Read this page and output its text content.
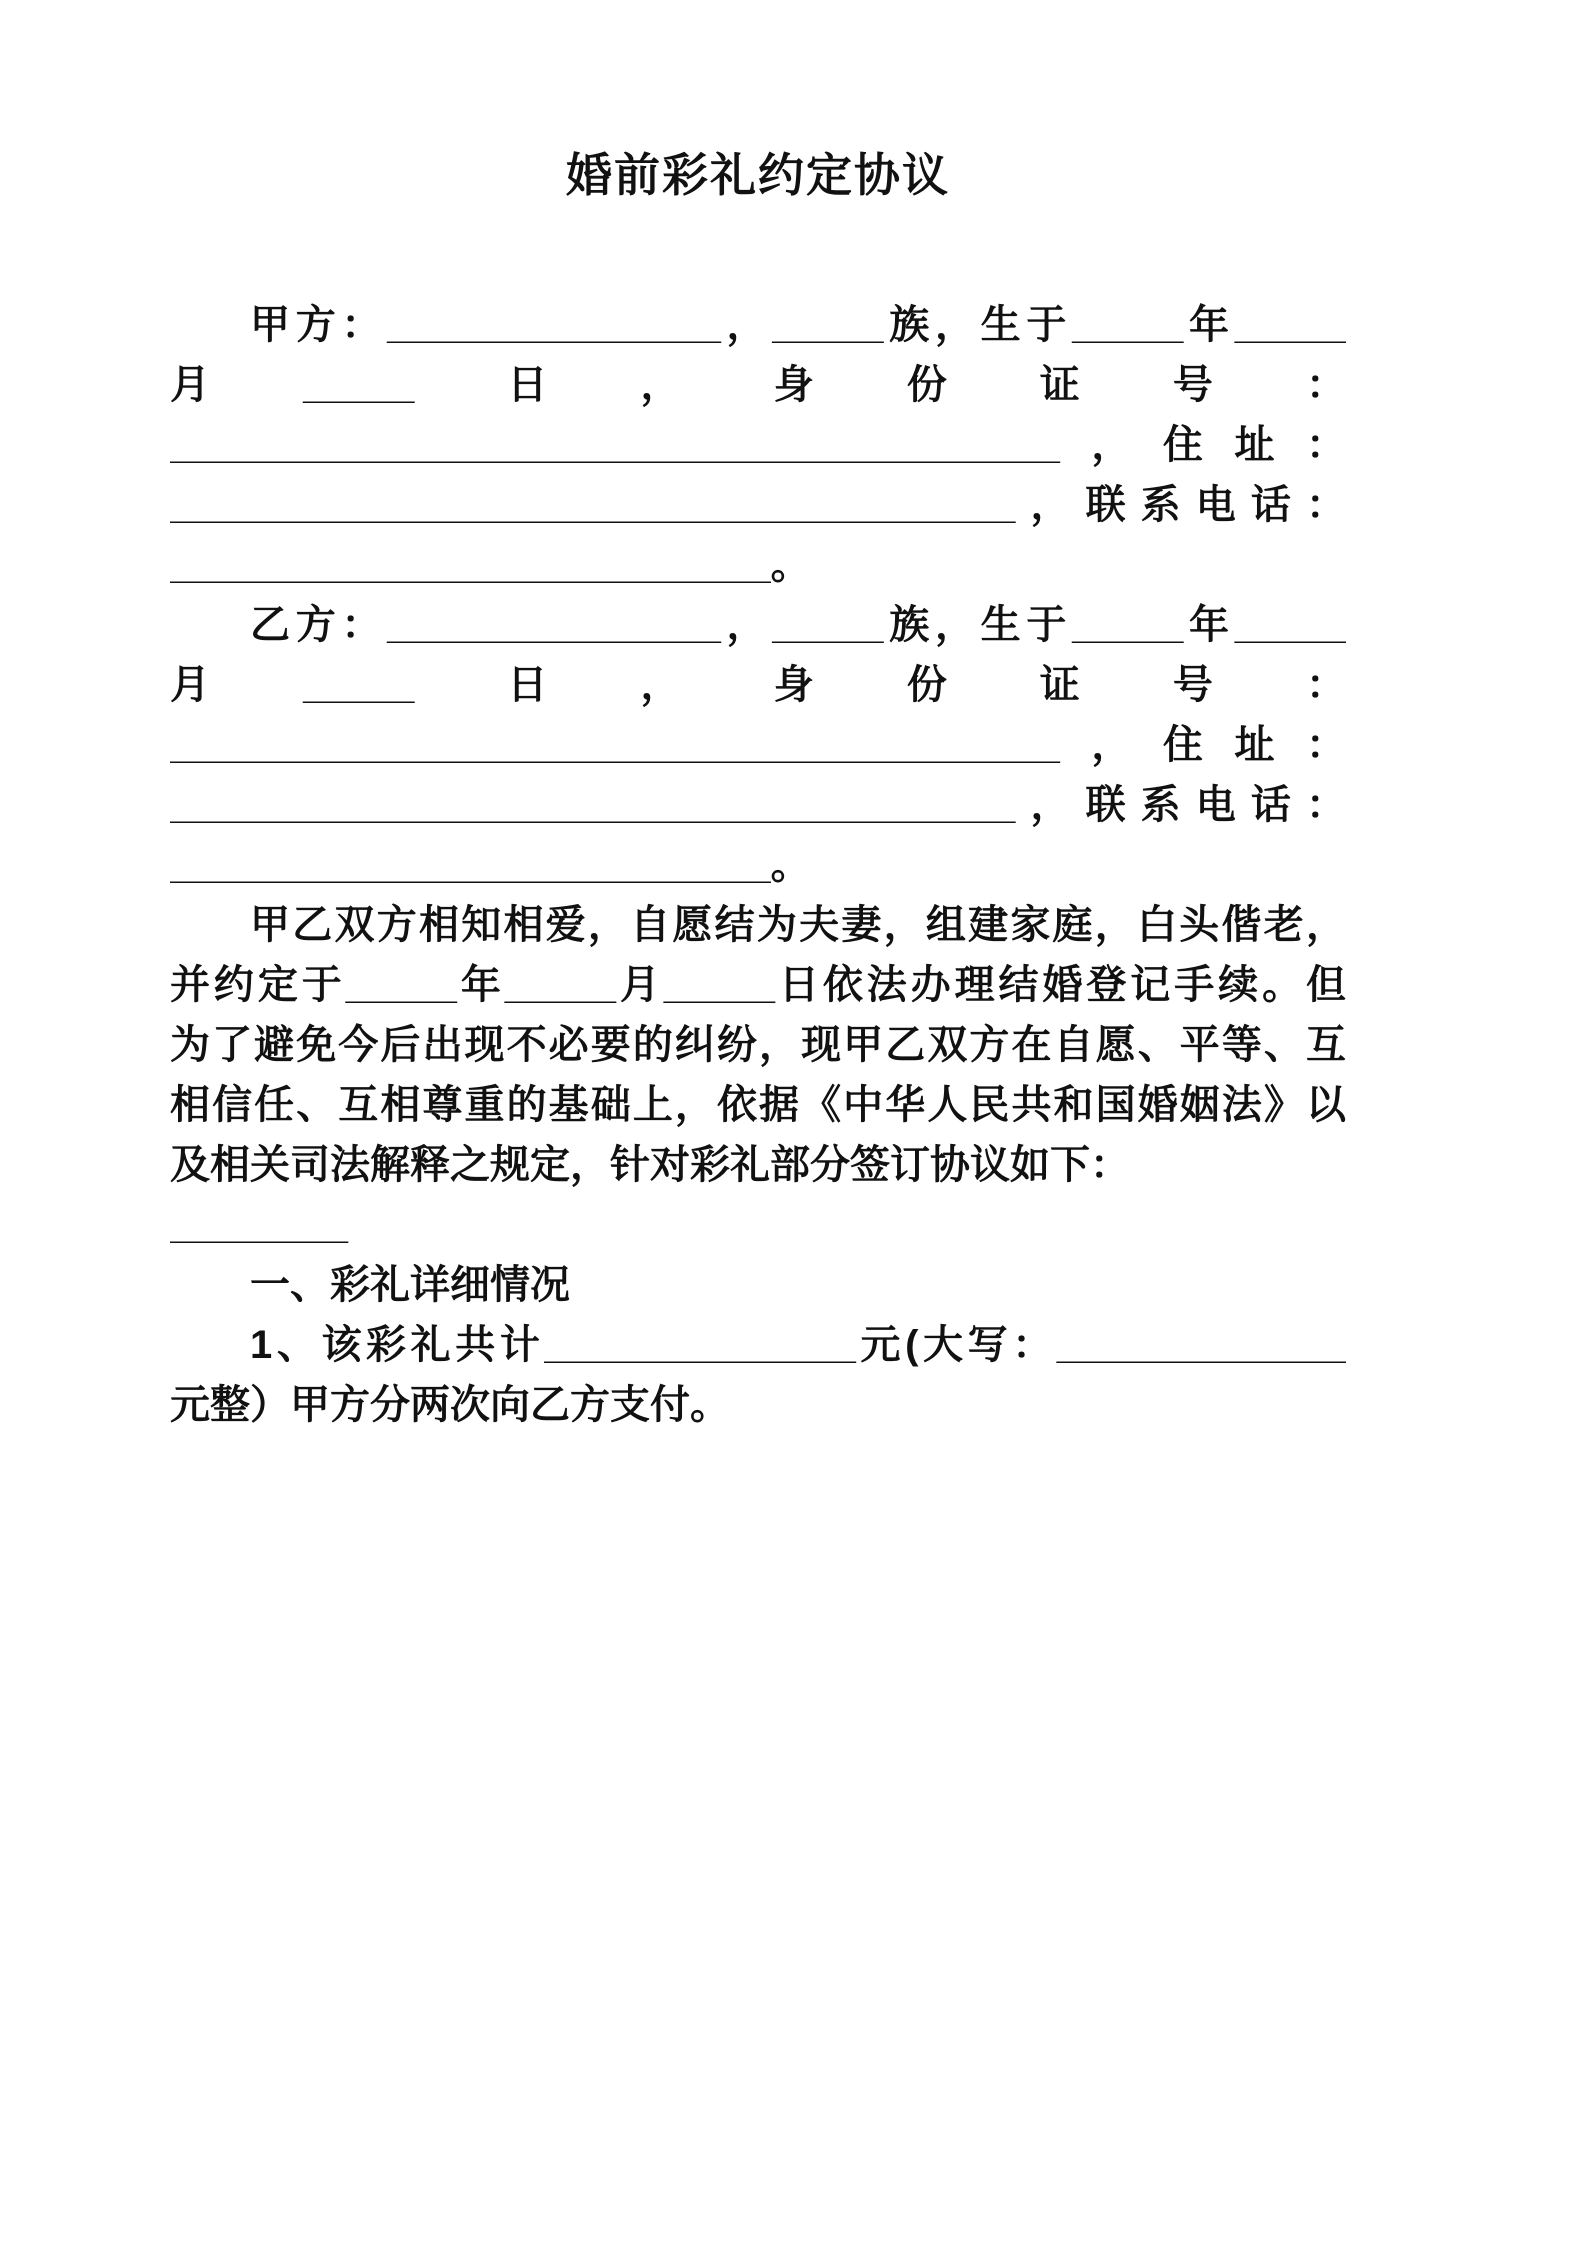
婚前彩礼约定协议
甲方：_______________，_____族，生于_____年_____
月_____日，身份证号：
________________________________________，住址：
______________________________________，联系电话：
___________________________。
乙方：_______________，_____族，生于_____年_____
月_____日，身份证号：
________________________________________，住址：
______________________________________，联系电话：
___________________________。
甲乙双方相知相爱，自愿结为夫妻，组建家庭，白头偕老，
并约定于_____年_____月_____日依法办理结婚登记手续。但
为了避免今后出现不必要的纠纷，现甲乙双方在自愿、平等、互
相信任、互相尊重的基础上，依据《中华人民共和国婚姻法》以
及相关司法解释之规定，针对彩礼部分签订协议如下：
________
一、彩礼详细情况
1、该彩礼共计______________元(大写：_____________
元整）甲方分两次向乙方支付。
